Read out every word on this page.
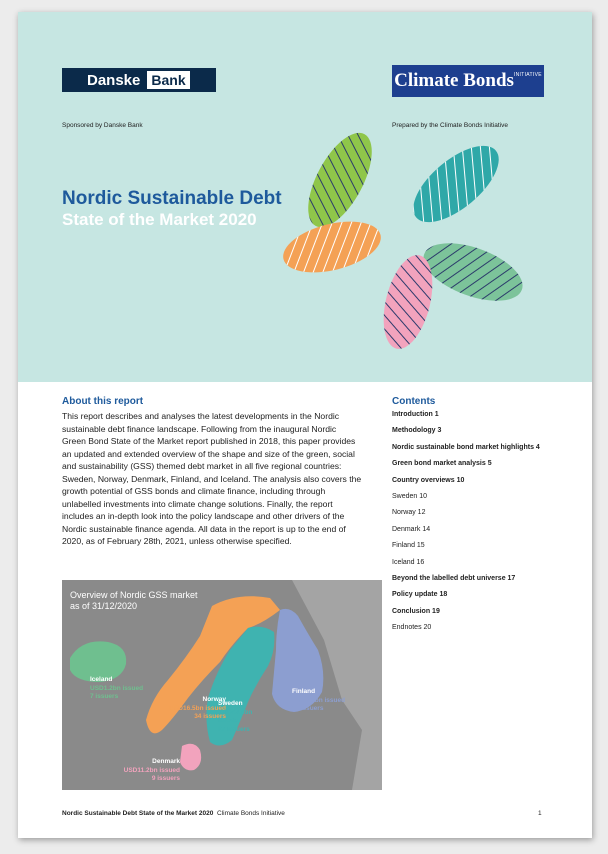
Danske Bank	Climate Bonds$^{INITIATIVE}$
Sponsored by Danske Bank	Prepared by the Climate Bonds Initiative
Nordic Sustainable Debt
State of the Market 2020
About this report

This report describes and analyses the latest developments in the Nordic sustainable debt finance landscape. Following from the inaugural Nordic Green Bond State of the Market report published in 2018, this paper provides an updated and extended overview of the shape and size of the green, social and sustainability (GSS) themed debt market in all five regional countries: Sweden, Norway, Denmark, Finland, and Iceland. The analysis also covers the growth potential of GSS bonds and climate finance, including through unlabelled investments into climate change solutions. Finally, the report includes an in-depth look into the policy landscape and other drivers of the Nordic sustainable finance agenda. All data in the report is up to the end of 2020, as of February 28th, 2021, unless otherwise specified.

Contents
Introduction 1
Methodology 3
Nordic sustainable bond market highlights 4
Green bond market analysis 5
Country overviews 10
Sweden 10
Norway 12
Denmark 14
Finland 15
Iceland 16
Beyond the labelled debt universe 17
Policy update 18
Conclusion 19
Endnotes 20
Overview of Nordic GSS market
as of 31/12/2020
Iceland
USD1.2bn issued
7 issuers	Norway
USD16.5bn issued
34 issuers
Sweden
USD43.4bn issued
87 issuers
Finland
USD7.5bn issued
11 issuers
Denmark
USD11.2bn issued
9 issuers
Nordic Sustainable Debt State of the Market 2020 Climate Bonds Initiative	1
